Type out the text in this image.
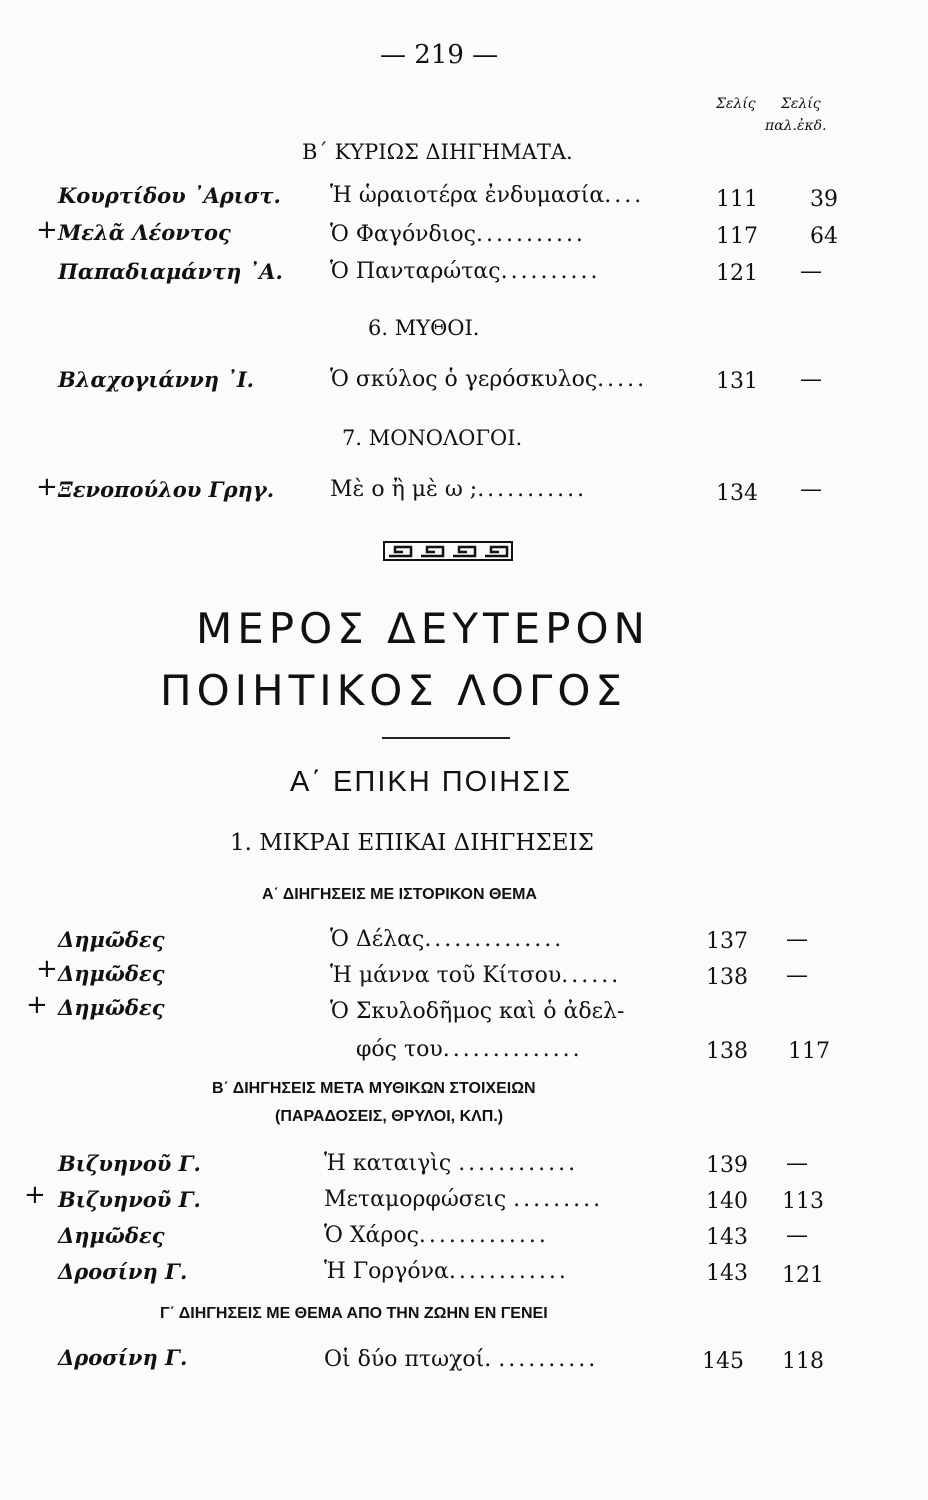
— 219 —
Σελίς Σελίς
παλ.ἐκδ.
Β΄ ΚΥΡΙΩΣ ΔΙΗΓΗΜΑΤΑ.
Κουρτίδου ᾽Αριστ. Ἡ ὡραιοτέρα ἐνδυμασία....	111 39
+ Μελᾶ Λέοντος	Ὁ Φαγόνδιος...........	117 64
Παπαδιαμάντη ᾽Α. Ὁ Πανταρώτας..........	121 —
6. ΜΥΘΟΙ.
Βλαχογιάννη ᾽Ι.	Ὁ σκύλος ὁ γερόσκυλος.....	131 —
7. ΜΟΝΟΛΟΓΟΙ.
+ Ξενοπούλου Γρηγ.	Μὲ ο ἢ μὲ ω ;...........	134 —
ΜΕΡΟΣ ΔΕΥΤΕΡΟΝ
ΠΟΙΗΤΙΚΟΣ ΛΟΓΟΣ
Α΄ ΕΠΙΚΗ ΠΟΙΗΣΙΣ
1. ΜΙΚΡΑΙ ΕΠΙΚΑΙ ΔΙΗΓΗΣΕΙΣ
Α΄ ΔΙΗΓΗΣΕΙΣ ΜΕ ΙΣΤΟΡΙΚΟΝ ΘΕΜΑ
Δημῶδες	Ὁ Δέλας..............	137 —
+ Δημῶδες	Ἡ μάννα τοῦ Κίτσου......	138 —
+ Δημῶδες	Ὁ Σκυλοδῆμος καὶ ὁ ἀδελ-
φός του..............	138 117
Β΄ ΔΙΗΓΗΣΕΙΣ ΜΕΤΑ ΜΥΘΙΚΩΝ ΣΤΟΙΧΕΙΩΝ
(ΠΑΡΑΔΟΣΕΙΣ, ΘΡΥΛΟΙ, ΚΛΠ.)
Βιζυηνοῦ Γ.	Ἡ καταιγὶς ............	139 —
+ Βιζυηνοῦ Γ.	Μεταμορφώσεις .........	140 113
Δημῶδες	Ὁ Χάρος.............	143 —
Δροσίνη Γ.	Ἡ Γοργόνα............	143 121
Γ΄ ΔΙΗΓΗΣΕΙΣ ΜΕ ΘΕΜΑ ΑΠΟ ΤΗΝ ΖΩΗΝ ΕΝ ΓΕΝΕΙ
Δροσίνη Γ.	Οἱ δύο πτωχοί. ..........	145 118
